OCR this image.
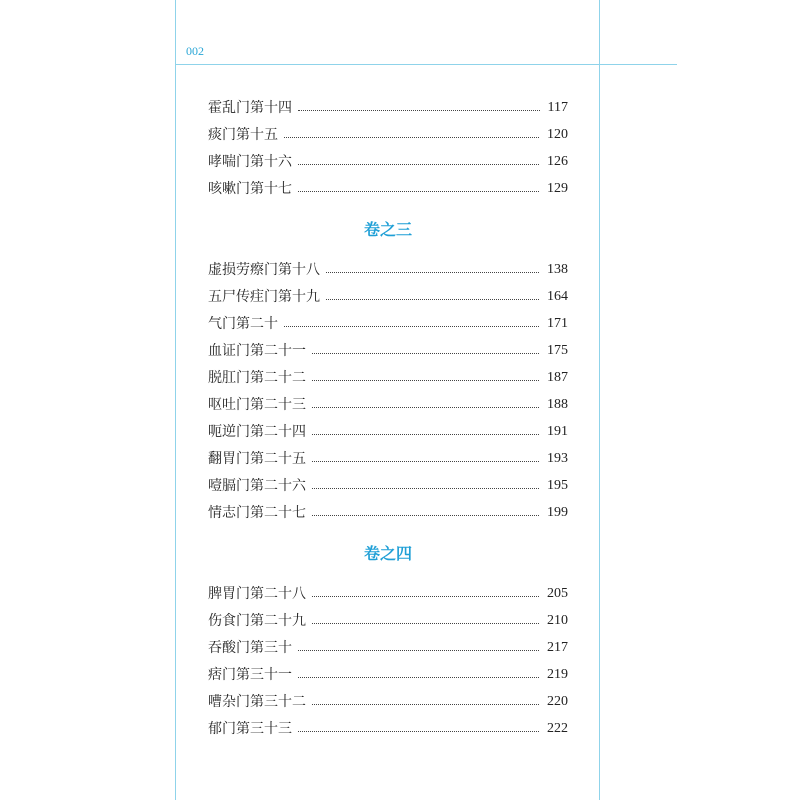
002
霍乱门第十四	117
痰门第十五	120
哮喘门第十六	126
咳嗽门第十七	129
卷之三
虚损劳瘵门第十八	138
五尸传疰门第十九	164
气门第二十	171
血证门第二十一	175
脱肛门第二十二	187
呕吐门第二十三	188
呃逆门第二十四	191
翻胃门第二十五	193
噎膈门第二十六	195
情志门第二十七	199
卷之四
脾胃门第二十八	205
伤食门第二十九	210
吞酸门第三十	217
痞门第三十一	219
嘈杂门第三十二	220
郁门第三十三	222
